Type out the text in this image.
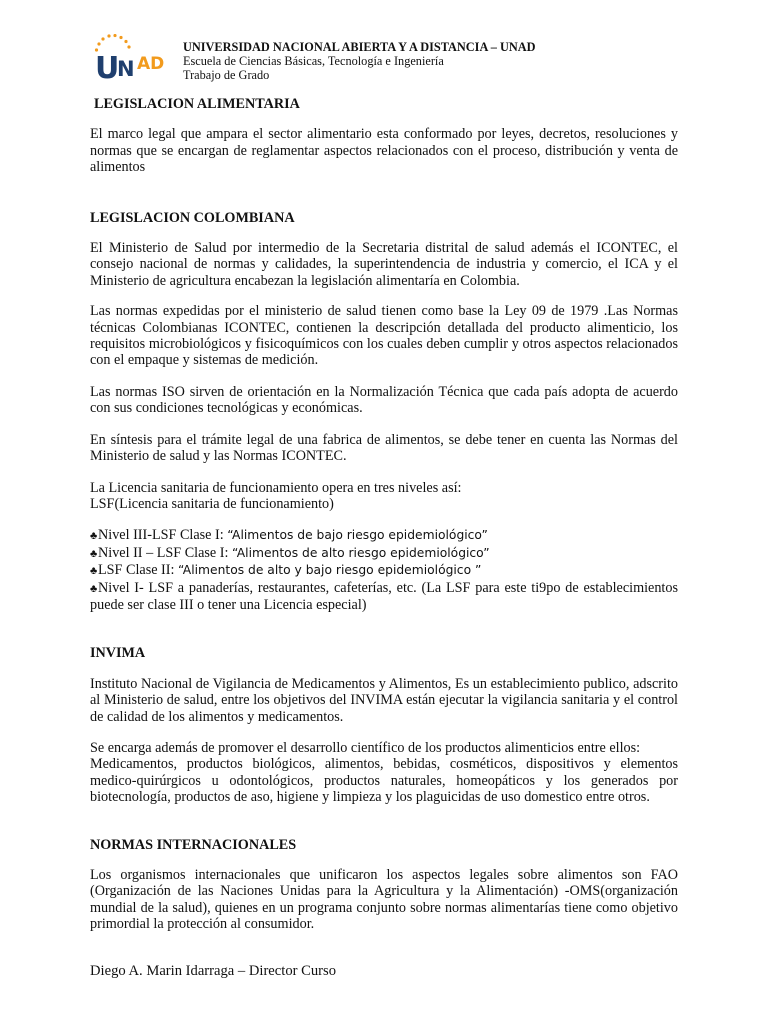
U
N AD
UNIVERSIDAD NACIONAL ABIERTA Y A DISTANCIA – UNAD
Escuela de Ciencias Básicas, Tecnología e Ingeniería
Trabajo de Grado

LEGISLACION ALIMENTARIA

El marco legal que ampara el sector alimentario esta conformado por leyes, decretos, resoluciones y normas que se encargan de reglamentar aspectos relacionados con el proceso, distribución y venta de alimentos

LEGISLACION COLOMBIANA

El Ministerio de Salud por intermedio de la Secretaria distrital de salud además el ICONTEC, el consejo nacional de normas y calidades, la superintendencia de industria y comercio, el ICA y el Ministerio de agricultura encabezan la legislación alimentaría en Colombia.

Las normas expedidas por el ministerio de salud tienen como base la Ley 09 de 1979 .Las Normas técnicas Colombianas ICONTEC, contienen la descripción detallada del producto alimenticio, los requisitos microbiológicos y fisicoquímicos con los cuales deben cumplir y otros aspectos relacionados con el empaque y sistemas de medición.

Las normas ISO sirven de orientación en la Normalización Técnica que cada país adopta de acuerdo con sus condiciones tecnológicas y económicas.

En síntesis para el trámite legal de una fabrica de alimentos, se debe tener en cuenta las Normas del Ministerio de salud y las Normas ICONTEC.

La Licencia sanitaria de funcionamiento opera en tres niveles así:

LSF(Licencia sanitaria de funcionamiento)

♣Nivel III-LSF Clase I: “Alimentos de bajo riesgo epidemiológico”

♣Nivel II – LSF Clase I: “Alimentos de alto riesgo epidemiológico”

♣LSF Clase II: “Alimentos de alto y bajo riesgo epidemiológico ”

♣Nivel I- LSF a panaderías, restaurantes, cafeterías, etc. (La LSF para este ti9po de establecimientos puede ser clase III o tener una Licencia especial)

INVIMA

Instituto Nacional de Vigilancia de Medicamentos y Alimentos, Es un establecimiento publico, adscrito al Ministerio de salud, entre los objetivos del INVIMA están ejecutar la vigilancia sanitaria y el control de calidad de los alimentos y medicamentos.

Se encarga además de promover el desarrollo científico de los productos alimenticios entre ellos:

Medicamentos, productos biológicos, alimentos, bebidas, cosméticos, dispositivos y elementos medico-quirúrgicos u odontológicos, productos naturales, homeopáticos y los generados por biotecnología, productos de aso, higiene y limpieza y los plaguicidas de uso domestico entre otros.

NORMAS INTERNACIONALES

Los organismos internacionales que unificaron los aspectos legales sobre alimentos son FAO (Organización de las Naciones Unidas para la Agricultura y la Alimentación) -OMS(organización mundial de la salud), quienes en un programa conjunto sobre normas alimentarías tiene como objetivo primordial la protección al consumidor.

Diego A. Marin Idarraga – Director Curso
